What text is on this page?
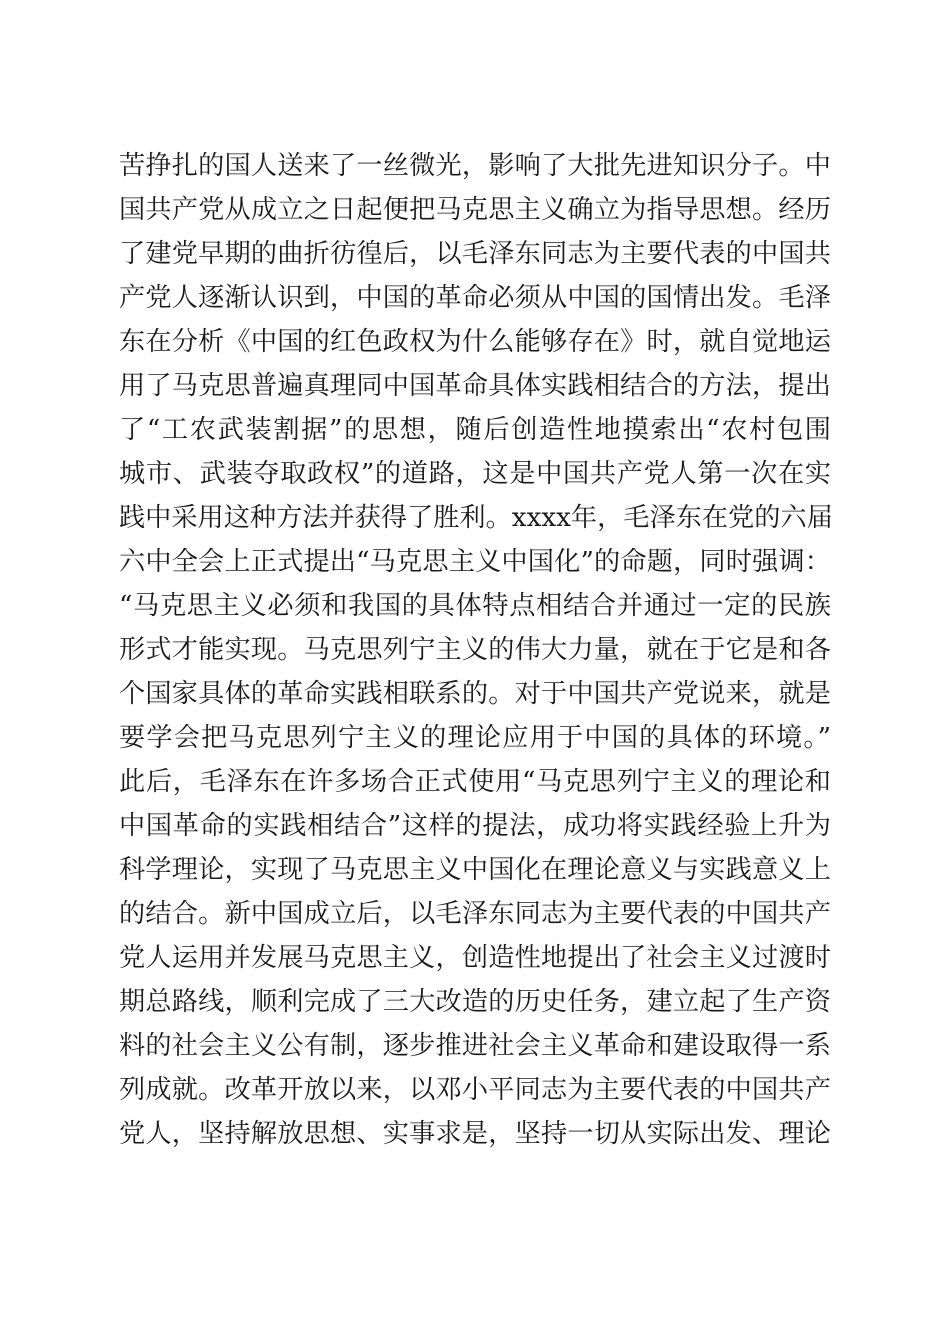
苦挣扎的国人送来了一丝微光，影响了大批先进知识分子。中
国共产党从成立之日起便把马克思主义确立为指导思想。经历
了建党早期的曲折彷徨后，以毛泽东同志为主要代表的中国共
产党人逐渐认识到，中国的革命必须从中国的国情出发。毛泽
东在分析《中国的红色政权为什么能够存在》时，就自觉地运
用了马克思普遍真理同中国革命具体实践相结合的方法，提出
了“工农武装割据”的思想，随后创造性地摸索出“农村包围
城市、武装夺取政权”的道路，这是中国共产党人第一次在实
践中采用这种方法并获得了胜利。xxxx年，毛泽东在党的六届
六中全会上正式提出“马克思主义中国化”的命题，同时强调：
“马克思主义必须和我国的具体特点相结合并通过一定的民族
形式才能实现。马克思列宁主义的伟大力量，就在于它是和各
个国家具体的革命实践相联系的。对于中国共产党说来，就是
要学会把马克思列宁主义的理论应用于中国的具体的环境。”
此后，毛泽东在许多场合正式使用“马克思列宁主义的理论和
中国革命的实践相结合”这样的提法，成功将实践经验上升为
科学理论，实现了马克思主义中国化在理论意义与实践意义上
的结合。新中国成立后，以毛泽东同志为主要代表的中国共产
党人运用并发展马克思主义，创造性地提出了社会主义过渡时
期总路线，顺利完成了三大改造的历史任务，建立起了生产资
料的社会主义公有制，逐步推进社会主义革命和建设取得一系
列成就。改革开放以来，以邓小平同志为主要代表的中国共产
党人，坚持解放思想、实事求是，坚持一切从实际出发、理论
